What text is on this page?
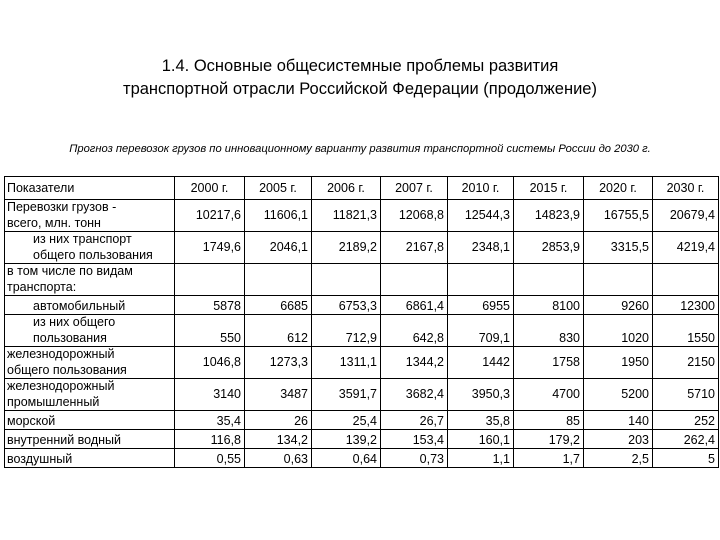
1.4. Основные общесистемные проблемы развития
транспортной отрасли Российской Федерации (продолжение)
Прогноз перевозок грузов по инновационному варианту развития транспортной системы России до 2030 г.
Показатели	2000 г.	2005 г.	2006 г.	2007 г.	2010 г.	2015 г.	2020 г.	2030 г.
Перевозки грузов -
всего, млн. тонн	10217,6	11606,1	11821,3	12068,8	12544,3	14823,9	16755,5	20679,4
из них транспорт
общего пользования	1749,6	2046,1	2189,2	2167,8	2348,1	2853,9	3315,5	4219,4
в том числе по видам
транспорта:								
автомобильный	5878	6685	6753,3	6861,4	6955	8100	9260	12300
из них общего
пользования	550	612	712,9	642,8	709,1	830	1020	1550
железнодорожный
общего пользования	1046,8	1273,3	1311,1	1344,2	1442	1758	1950	2150
железнодорожный
промышленный	3140	3487	3591,7	3682,4	3950,3	4700	5200	5710
морской	35,4	26	25,4	26,7	35,8	85	140	252
внутренний водный	116,8	134,2	139,2	153,4	160,1	179,2	203	262,4
воздушный	0,55	0,63	0,64	0,73	1,1	1,7	2,5	5
